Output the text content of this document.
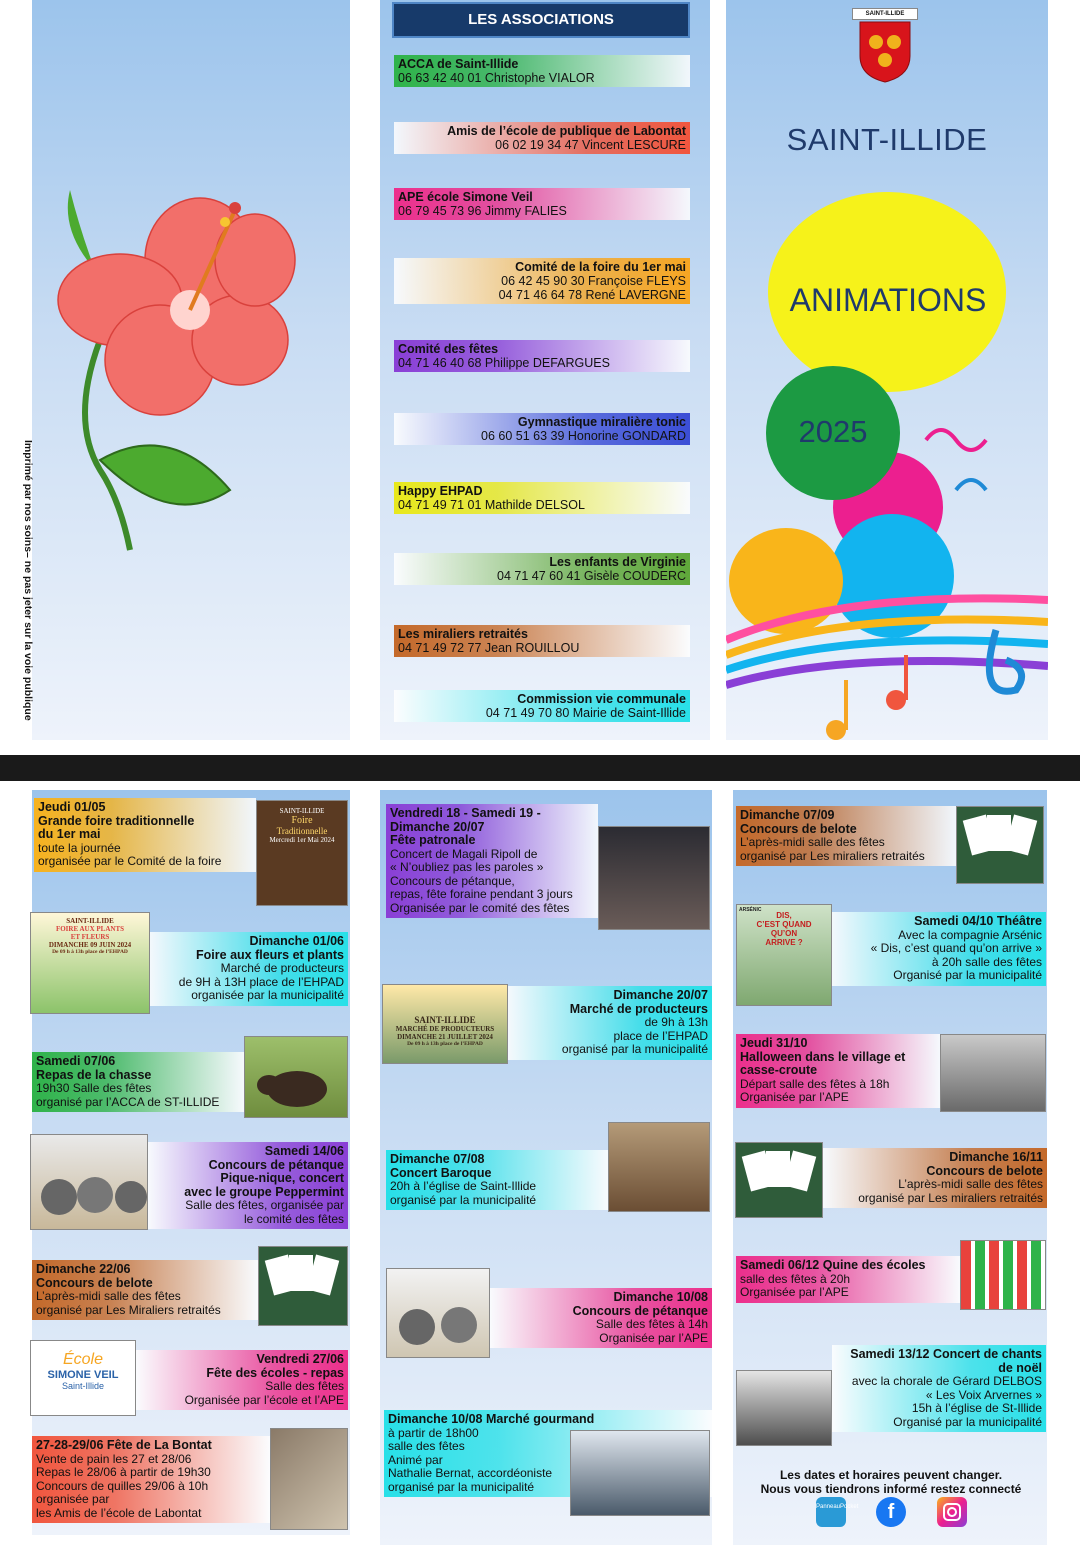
Imprimé par nos soins– ne pas jeter sur la voie publique
LES ASSOCIATIONS
ACCA de Saint-Illide
06 63 42 40 01 Christophe VIALOR
Amis de l’école de publique de Labontat
06 02 19 34 47 Vincent LESCURE
APE école Simone Veil
06 79 45 73 96 Jimmy FALIES
Comité de la foire du 1er mai
06 42 45 90 30 Françoise FLEYS
04 71 46 64 78 René LAVERGNE
Comité des fêtes
04 71 46 40 68 Philippe DEFARGUES
Gymnastique miralière tonic
06 60 51 63 39 Honorine GONDARD
Happy EHPAD
04 71 49 71 01 Mathilde DELSOL
Les enfants de Virginie
04 71 47 60 41 Gisèle COUDERC
Les miraliers retraités
04 71 49 72 77 Jean ROUILLOU
Commission vie communale
04 71 49 70 80 Mairie de Saint-Illide
SAINT-ILLIDE
SAINT-ILLIDE
ANIMATIONS
2025
Jeudi 01/05
Grande foire traditionnelle
du 1er mai
toute la journée
organisée par le Comité de la foire
Dimanche 01/06
Foire aux fleurs et plants
Marché de producteurs
de 9H à 13H place de l’EHPAD
organisée par la municipalité
Samedi 07/06
Repas de la chasse
19h30 Salle des fêtes
organisé par l’ACCA de ST-ILLIDE
Samedi 14/06
Concours de pétanque
Pique-nique, concert
avec le groupe Peppermint
Salle des fêtes, organisée par
le comité des fêtes
Dimanche 22/06
Concours de belote
L’après-midi salle des fêtes
organisé par Les Miraliers retraités
Vendredi 27/06
Fête des écoles - repas
Salle des fêtes
Organisée par l’école et l’APE
27-28-29/06 Fête de La Bontat
Vente de pain les 27 et 28/06
Repas le 28/06 à partir de 19h30
Concours de quilles 29/06 à 10h
organisée par
les Amis de l’école de Labontat
Vendredi 18 - Samedi 19 - Dimanche 20/07
Fête patronale
Concert de Magali Ripoll de
« N’oubliez pas les paroles »
Concours de pétanque,
repas, fête foraine pendant 3 jours
Organisée par le comité des fêtes
Dimanche 20/07
Marché de producteurs
de 9h à 13h
place de l’EHPAD
organisé par la municipalité
Dimanche 07/08
Concert Baroque
20h à l’église de Saint-Illide
organisé par la municipalité
Dimanche 10/08
Concours de pétanque
Salle des fêtes à 14h
Organisée par l’APE
Dimanche 10/08 Marché gourmand
à partir de 18h00
salle des fêtes
Animé par
Nathalie Bernat, accordéoniste
organisé par la municipalité
Dimanche 07/09
Concours de belote
L’après-midi salle des fêtes
organisé par Les miraliers retraités
Samedi 04/10 Théâtre
Avec la compagnie Arsénic
« Dis, c’est quand qu’on arrive »
à 20h salle des fêtes
Organisé par la municipalité
Jeudi 31/10
Halloween dans le village et
casse-croute
Départ salle des fêtes à 18h
Organisée par l’APE
Dimanche 16/11
Concours de belote
L’après-midi salle des fêtes
organisé par Les miraliers retraités
Samedi 06/12 Quine des écoles
salle des fêtes à 20h
Organisée par l’APE
Samedi 13/12 Concert de chants de noël
avec la chorale de Gérard DELBOS
« Les Voix Arvernes »
15h à l’église de St-Illide
Organisé par la municipalité
SAINT-ILLIDE
Foire
Traditionnelle
Mercredi 1er Mai 2024
SAINT-ILLIDE
FOIRE AUX PLANTS
ET FLEURS
DIMANCHE 09 JUIN 2024
De 09 h à 13h place de l’EHPAD
École
SIMONE VEIL
Saint-Illide
SAINT-ILLIDE
MARCHÉ DE PRODUCTEURS
DIMANCHE 21 JUILLET 2024
De 09 h à 13h place de l’EHPAD
ARSÉNIC
DIS,
C’EST QUAND
QU’ON
ARRIVE ?
Les dates et horaires peuvent changer.
Nous vous tiendrons informé restez connecté
PanneauPocket	f
